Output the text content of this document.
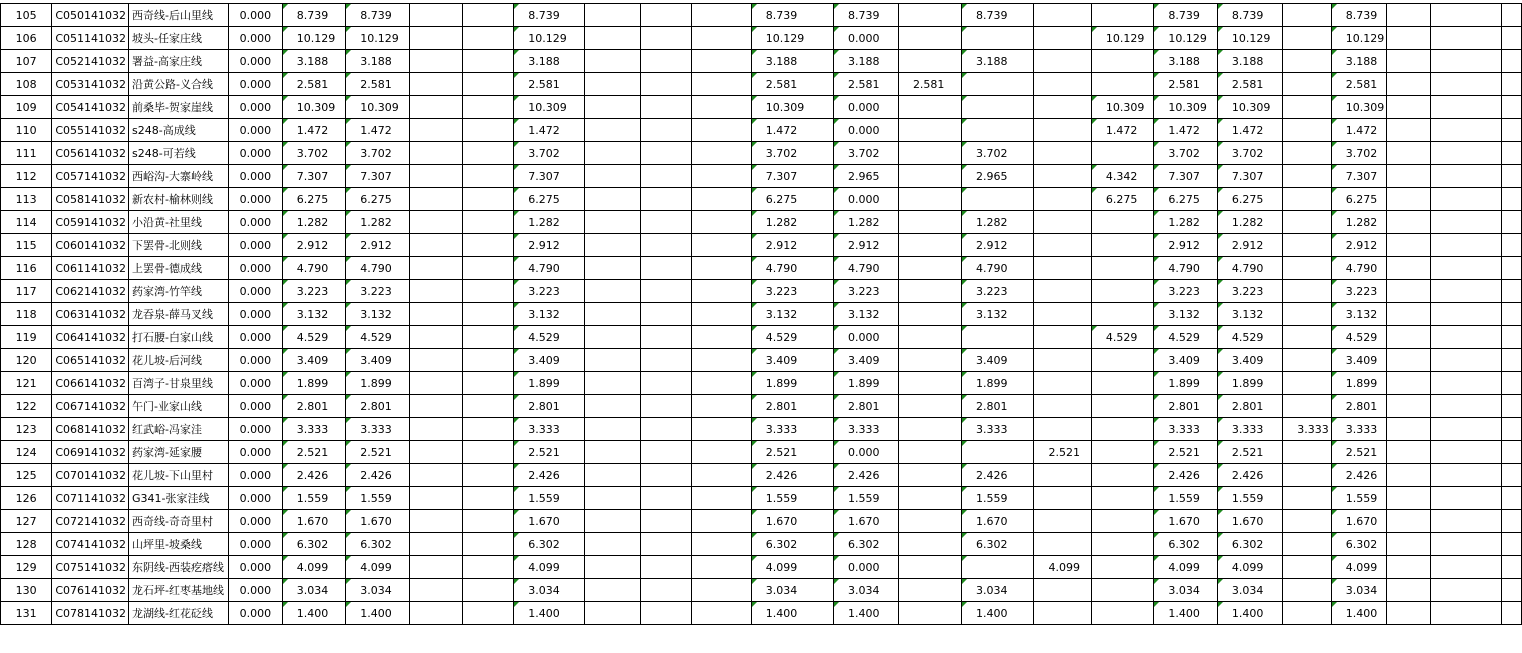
105	C050141032	西奇线-后山里线	0.000	8.739	8.739			8.739				8.739	8.739		8.739			8.739	8.739		8.739			
106	C051141032	坡头-任家庄线	0.000	10.129	10.129			10.129				10.129	0.000				10.129	10.129	10.129		10.129			
107	C052141032	署益-高家庄线	0.000	3.188	3.188			3.188				3.188	3.188		3.188			3.188	3.188		3.188			
108	C053141032	沿黄公路-义合线	0.000	2.581	2.581			2.581				2.581	2.581	2.581				2.581	2.581		2.581			
109	C054141032	前桑毕-贺家崖线	0.000	10.309	10.309			10.309				10.309	0.000				10.309	10.309	10.309		10.309			
110	C055141032	s248-高成线	0.000	1.472	1.472			1.472				1.472	0.000				1.472	1.472	1.472		1.472			
111	C056141032	s248-可若线	0.000	3.702	3.702			3.702				3.702	3.702		3.702			3.702	3.702		3.702			
112	C057141032	西峪沟-大寨岭线	0.000	7.307	7.307			7.307				7.307	2.965		2.965		4.342	7.307	7.307		7.307			
113	C058141032	新农村-榆林则线	0.000	6.275	6.275			6.275				6.275	0.000				6.275	6.275	6.275		6.275			
114	C059141032	小沿黄-社里线	0.000	1.282	1.282			1.282				1.282	1.282		1.282			1.282	1.282		1.282			
115	C060141032	下罢骨-北则线	0.000	2.912	2.912			2.912				2.912	2.912		2.912			2.912	2.912		2.912			
116	C061141032	上罢骨-德成线	0.000	4.790	4.790			4.790				4.790	4.790		4.790			4.790	4.790		4.790			
117	C062141032	药家湾-竹竿线	0.000	3.223	3.223			3.223				3.223	3.223		3.223			3.223	3.223		3.223			
118	C063141032	龙吞泉-薛马叉线	0.000	3.132	3.132			3.132				3.132	3.132		3.132			3.132	3.132		3.132			
119	C064141032	打石腰-白家山线	0.000	4.529	4.529			4.529				4.529	0.000				4.529	4.529	4.529		4.529			
120	C065141032	花儿坡-后河线	0.000	3.409	3.409			3.409				3.409	3.409		3.409			3.409	3.409		3.409			
121	C066141032	百湾子-甘泉里线	0.000	1.899	1.899			1.899				1.899	1.899		1.899			1.899	1.899		1.899			
122	C067141032	午门-业家山线	0.000	2.801	2.801			2.801				2.801	2.801		2.801			2.801	2.801		2.801			
123	C068141032	红武峪-冯家洼	0.000	3.333	3.333			3.333				3.333	3.333		3.333			3.333	3.333	3.333	3.333			
124	C069141032	药家湾-延家腰	0.000	2.521	2.521			2.521				2.521	0.000			2.521		2.521	2.521		2.521			
125	C070141032	花儿坡-下山里村	0.000	2.426	2.426			2.426				2.426	2.426		2.426			2.426	2.426		2.426			
126	C071141032	G341-张家洼线	0.000	1.559	1.559			1.559				1.559	1.559		1.559			1.559	1.559		1.559			
127	C072141032	西奇线-奇奇里村	0.000	1.670	1.670			1.670				1.670	1.670		1.670			1.670	1.670		1.670			
128	C074141032	山坪里-坡桑线	0.000	6.302	6.302			6.302				6.302	6.302		6.302			6.302	6.302		6.302			
129	C075141032	东阴线-西装疙瘩线	0.000	4.099	4.099			4.099				4.099	0.000			4.099		4.099	4.099		4.099			
130	C076141032	龙石坪-红枣基地线	0.000	3.034	3.034			3.034				3.034	3.034		3.034			3.034	3.034		3.034			
131	C078141032	龙湖线-红花砭线	0.000	1.400	1.400			1.400				1.400	1.400		1.400			1.400	1.400		1.400			
